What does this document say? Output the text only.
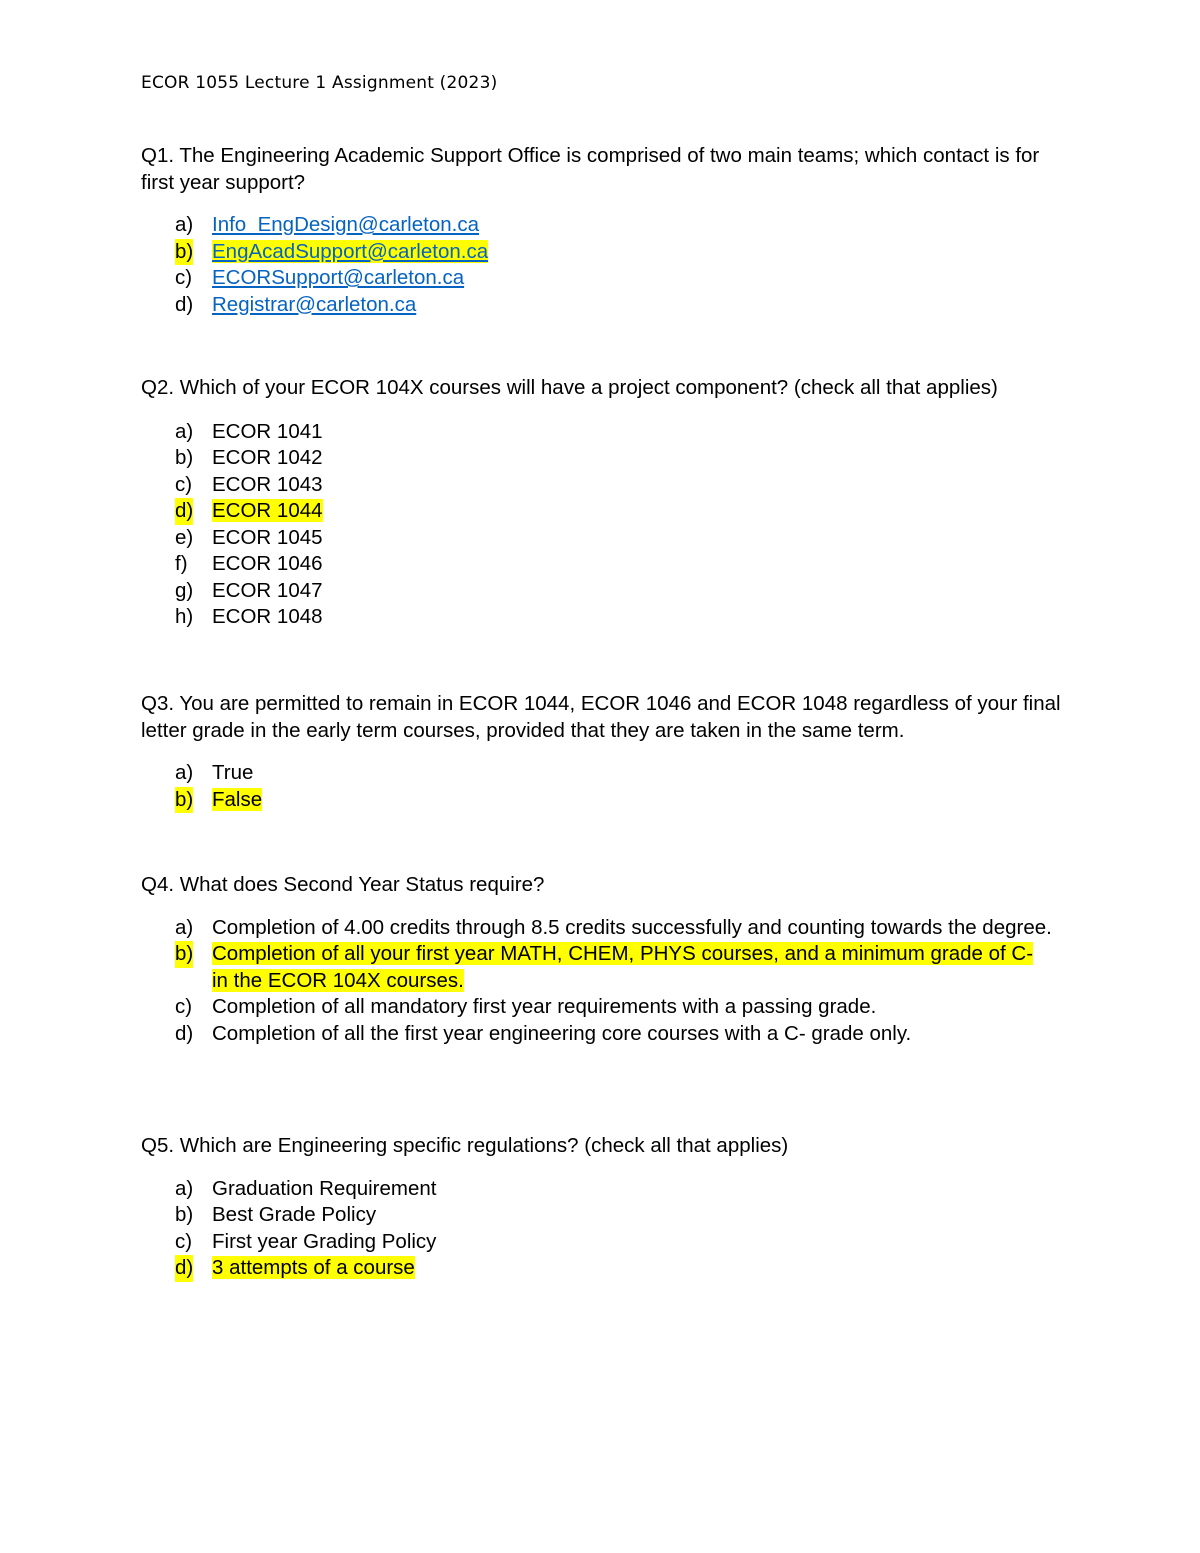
ECOR 1055 Lecture 1 Assignment (2023)

Q1. The Engineering Academic Support Office is comprised of two main teams; which contact is for first year support?

a) Info_EngDesign@carleton.ca
b) EngAcadSupport@carleton.ca
c) ECORSupport@carleton.ca
d) Registrar@carleton.ca

Q2. Which of your ECOR 104X courses will have a project component? (check all that applies)

a) ECOR 1041
b) ECOR 1042
c) ECOR 1043
d) ECOR 1044
e) ECOR 1045
f) ECOR 1046
g) ECOR 1047
h) ECOR 1048

Q3. You are permitted to remain in ECOR 1044, ECOR 1046 and ECOR 1048 regardless of your final letter grade in the early term courses, provided that they are taken in the same term.

a) True
b) False

Q4. What does Second Year Status require?

a) Completion of 4.00 credits through 8.5 credits successfully and counting towards the degree.
b) Completion of all your first year MATH, CHEM, PHYS courses, and a minimum grade of C- in the ECOR 104X courses.
c) Completion of all mandatory first year requirements with a passing grade.
d) Completion of all the first year engineering core courses with a C- grade only.

Q5. Which are Engineering specific regulations? (check all that applies)

a) Graduation Requirement
b) Best Grade Policy
c) First year Grading Policy
d) 3 attempts of a course
